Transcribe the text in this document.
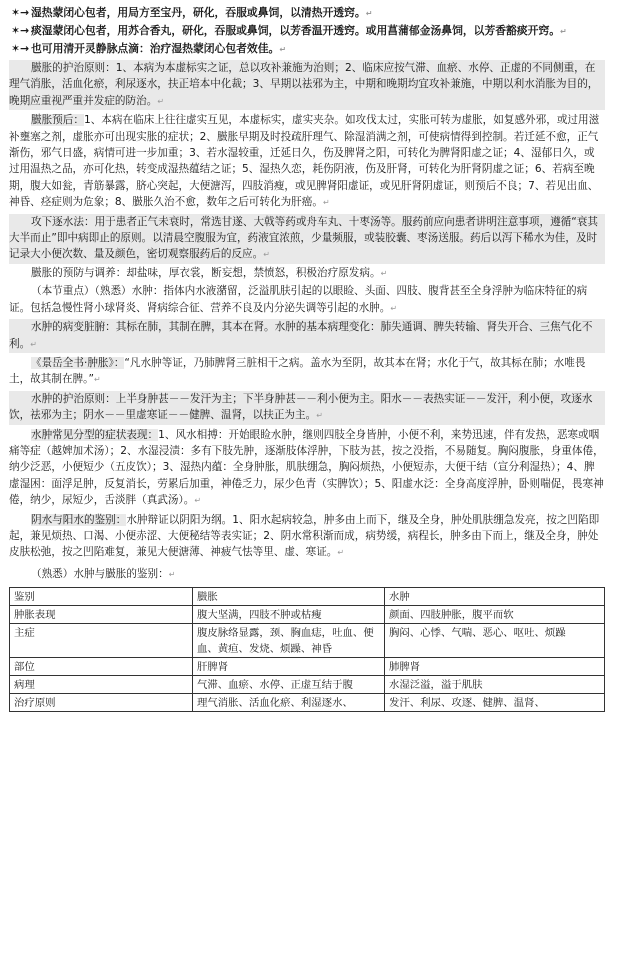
✶→ 湿热蒙闭心包者，用局方至宝丹，研化，吞服或鼻饲，以清热开透窍。↵
✶→ 痰湿蒙闭心包者，用苏合香丸，研化，吞服或鼻饲，以芳香温开透窍。或用菖蒲郁金汤鼻饲，以芳香豁痰开窍。↵
✶→ 也可用清开灵静脉点滴：治疗湿热蒙闭心包者效佳。↵
臌胀的护治原则：1、本病为本虚标实之证，总以攻补兼施为治则；2、临床应按气滞、血瘀、水停、正虚的不同侧重，在理气消胀，活血化瘀，利尿逐水，扶正培本中化裁；3、早期以祛邪为主，中期和晚期均宜攻补兼施，中期以利水消胀为目的，晚期应重视严重并发症的防治。↵
臌胀预后：1、本病在临床上往往虚实互见，本虚标实，虚实夹杂。如攻伐太过，实胀可转为虚胀，如复感外邪，或过用滋补壅塞之剂，虚胀亦可出现实胀的症状；2、臌胀早期及时投疏肝理气、除湿消满之剂，可使病情得到控制。若迁延不愈，正气渐伤，邪气日盛，病情可进一步加重；3、若水湿较重，迁延日久，伤及脾肾之阳，可转化为脾肾阳虚之证；4、湿郁日久，或过用温热之品，亦可化热，转变成湿热蕴结之证；5、湿热久恋，耗伤阴液，伤及肝肾，可转化为肝肾阴虚之证；6、若病至晚期，腹大如瓮，青筋暴露，脐心突起，大便溏泻，四肢消瘦，或见脾肾阳虚证，或见肝肾阴虚证，则预后不良；7、若见出血、神昏、痉症则为危象；8、臌胀久治不愈，数年之后可转化为肝癌。↵
攻下逐水法：用于患者正气未衰时，常选甘遂、大戟等药或舟车丸、十枣汤等。服药前应向患者讲明注意事项，遵循“衰其大半而止”即中病即止的原则。以清晨空腹服为宜，药液宜浓煎，少量频服，或装胶囊、枣汤送服。药后以泻下稀水为佳，及时记录大小便次数、量及颜色，密切观察服药后的反应。↵
臌胀的预防与调养：却盐味，厚衣裳，断妄想，禁愤怒，积极治疗原发病。↵
（本节重点）（熟悉）水肿：指体内水液潴留，泛溢肌肤引起的以眼睑、头面、四肢、腹背甚至全身浮肿为临床特征的病证。包括急慢性肾小球肾炎、肾病综合征、营养不良及内分泌失调等引起的水肿。↵
水肿的病变脏腑：其标在肺，其制在脾，其本在肾。水肿的基本病理变化：肺失通调、脾失转输、肾失开合、三焦气化不利。↵
《景岳全书·肿胀》：“凡水肿等证，乃肺脾肾三脏相干之病。盖水为至阴，故其本在肾；水化于气，故其标在肺；水唯畏土，故其制在脾。”↵
水肿的护治原则：上半身肿甚－－发汗为主；下半身肿甚－－利小便为主。阳水－－表热实证－－发汗，利小便，攻逐水饮，祛邪为主；阴水－－里虚寒证－－健脾、温肾，以扶正为主。↵
水肿常见分型的症状表现：1、风水相搏：开始眼睑水肿，继则四肢全身皆肿，小便不利，来势迅速，伴有发热，恶寒或咽痛等症（越婢加术汤）；2、水湿浸渍：多有下肢先肿，逐渐肢体浮肿，下肢为甚，按之没指，不易随复。胸闷腹胀，身重体倦，纳少泛恶，小便短少（五皮饮）；3、湿热内蕴：全身肿胀，肌肤绷急，胸闷烦热，小便短赤，大便干结（宣分利湿热）；4、脾虚湿困：面浮足肿，反复消长，劳累后加重，神倦乏力，尿少色青（实脾饮）；5、阳虚水泛：全身高度浮肿，卧则喘促，畏寒神倦，纳少，尿短少，舌淡胖（真武汤）。↵
阴水与阳水的鉴别：水肿辩证以阴阳为纲。1、阳水起病较急，肿多由上而下，继及全身，肿处肌肤绷急发亮，按之凹陷即起，兼见烦热、口渴、小便赤涩、大便秘结等表实证；2、阴水常积渐而成，病势缓，病程长，肿多由下而上，继及全身，肿处皮肤松弛，按之凹陷难复，兼见大便溏薄、神疲气怯等里、虚、寒证。↵
（熟悉）水肿与臌胀的鉴别：↵
鉴别	臌胀	水肿
肿胀表现	腹大坚满，四肢不肿或枯瘦	颜面、四肢肿胀，腹平而软
主症	腹皮脉络显露，颈、胸血痣，吐血、便血、黄疸、发烧、烦躁、神昏	胸闷、心悸、气喘、恶心、呕吐、烦躁
部位	肝脾肾	肺脾肾
病理	气滞、血瘀、水停、正虚互结于腹	水湿泛溢，溢于肌肤
治疗原则	理气消胀、活血化瘀、利湿逐水、	发汗、利尿、攻逐、健脾、温肾、
